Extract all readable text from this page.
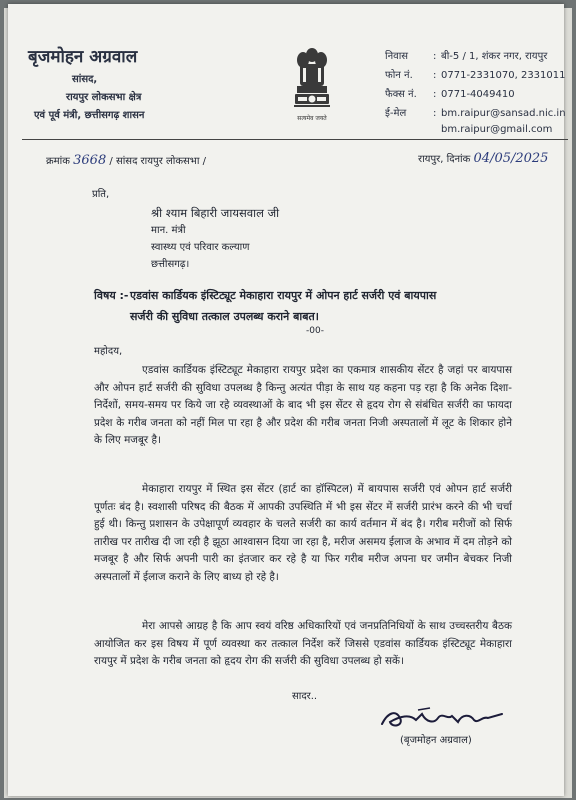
बृजमोहन अग्रवाल
सांसद,
रायपुर लोकसभा क्षेत्र
एवं पूर्व मंत्री, छत्तीसगढ़ शासन	सत्यमेव जयते
निवास	: बी-5 / 1, शंकर नगर, रायपुर
फोन नं.	: 0771-2331070, 2331011
फैक्स नं.	: 0771-4049410
ई-मेल	: bm.raipur@sansad.nic.in
bm.raipur@gmail.com
क्रमांक 3668 / सांसद रायपुर लोकसभा /	रायपुर, दिनांक 04/05/2025
प्रति,
श्री श्याम बिहारी जायसवाल जी
मान. मंत्री
स्वास्थ्य एवं परिवार कल्याण
छत्तीसगढ़।
विषय :- एडवांस कार्डियक इंस्टिट्यूट मेकाहारा रायपुर में ओपन हार्ट सर्जरी एवं बायपास
सर्जरी की सुविधा तत्काल उपलब्ध कराने बाबत।
-00-
महोदय,
एडवांस कार्डियक इंस्टिट्यूट मेकाहारा रायपुर प्रदेश का एकमात्र शासकीय सेंटर है जहां पर बायपास और ओपन हार्ट सर्जरी की सुविधा उपलब्ध है किन्तु अत्यंत पीड़ा के साथ यह कहना पड़ रहा है कि अनेक दिशा-निर्देशों, समय-समय पर किये जा रहे व्यवस्थाओं के बाद भी इस सेंटर से हृदय रोग से संबंधित सर्जरी का फायदा प्रदेश के गरीब जनता को नहीं मिल पा रहा है और प्रदेश की गरीब जनता निजी अस्पतालों में लूट के शिकार होने के लिए मजबूर है।
मेकाहारा रायपुर में स्थित इस सेंटर (हार्ट का हॉस्पिटल) में बायपास सर्जरी एवं ओपन हार्ट सर्जरी पूर्णतः बंद है। स्वशासी परिषद की बैठक में आपकी उपस्थिति में भी इस सेंटर में सर्जरी प्रारंभ करने की भी चर्चा हुई थी। किन्तु प्रशासन के उपेक्षापूर्ण व्यवहार के चलते सर्जरी का कार्य वर्तमान में बंद है। गरीब मरीजों को सिर्फ तारीख पर तारीख दी जा रही है झूठा आश्वासन दिया जा रहा है, मरीज असमय ईलाज के अभाव में दम तोड़ने को मजबूर है और सिर्फ अपनी पारी का इंतजार कर रहे है या फिर गरीब मरीज अपना घर जमीन बेचकर निजी अस्पतालों में ईलाज कराने के लिए बाध्य हो रहे है।
मेरा आपसे आग्रह है कि आप स्वयं वरिष्ठ अधिकारियों एवं जनप्रतिनिधियों के साथ उच्चस्तरीय बैठक आयोजित कर इस विषय में पूर्ण व्यवस्था कर तत्काल निर्देश करें जिससे एडवांस कार्डियक इंस्टिट्यूट मेकाहारा रायपुर में प्रदेश के गरीब जनता को हृदय रोग की सर्जरी की सुविधा उपलब्ध हो सकें।
सादर..
(बृजमोहन अग्रवाल)
